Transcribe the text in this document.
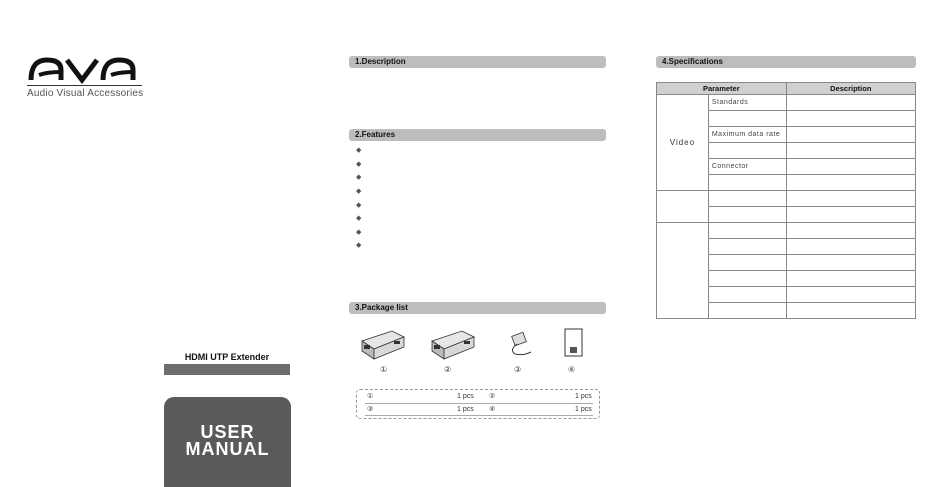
Audio Visual Accessories
HDMI UTP Extender
USER
MANUAL
1.Description
2.Features
◆
◆
◆
◆
◆
◆
◆
◆
3.Package list
①	②	③	④
①	1 pcs ②	1 pcs
③	1 pcs ④	1 pcs
4.Specifications
Parameter		Description
Video	Standards	

	Maximum data rate	

	Connector	
